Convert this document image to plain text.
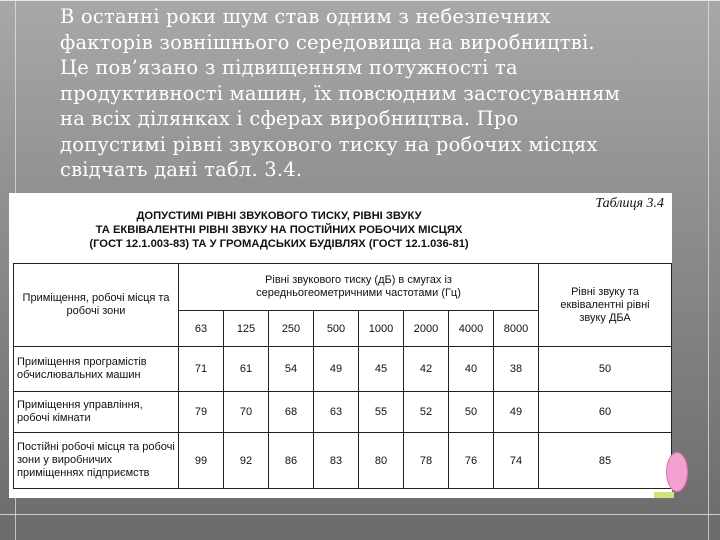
В останні роки шум став одним з небезпечних
факторів зовнішнього середовища на виробництві.
Це пов’язано з підвищенням потужності та
продуктивності машин, їх повсюдним застосуванням
на всіх ділянках і сферах виробництва. Про
допустимі рівні звукового тиску на робочих місцях
свідчать дані табл. 3.4.

Таблиця 3.4
ДОПУСТИМІ РІВНІ ЗВУКОВОГО ТИСКУ, РІВНІ ЗВУКУ
ТА ЕКВІВАЛЕНТНІ РІВНІ ЗВУКУ НА ПОСТІЙНИХ РОБОЧИХ МІСЦЯХ
(ГОСТ 12.1.003-83) ТА У ГРОМАДСЬКИХ БУДІВЛЯХ (ГОСТ 12.1.036-81)
Приміщення, робочі місця та робочі зони	Рівні звукового тиску (дБ) в смугах із середньогеометричними частотами (Гц)								Рівні звуку та еквівалентні рівні звуку ДБА
	63	125	250	500	1000	2000	4000	8000	
Приміщення програмістів обчислювальних машин	71	61	54	49	45	42	40	38	50
Приміщення управління, робочі кімнати	79	70	68	63	55	52	50	49	60
Постійні робочі місця та робочі зони у виробничих приміщеннях підприємств	99	92	86	83	80	78	76	74	85
